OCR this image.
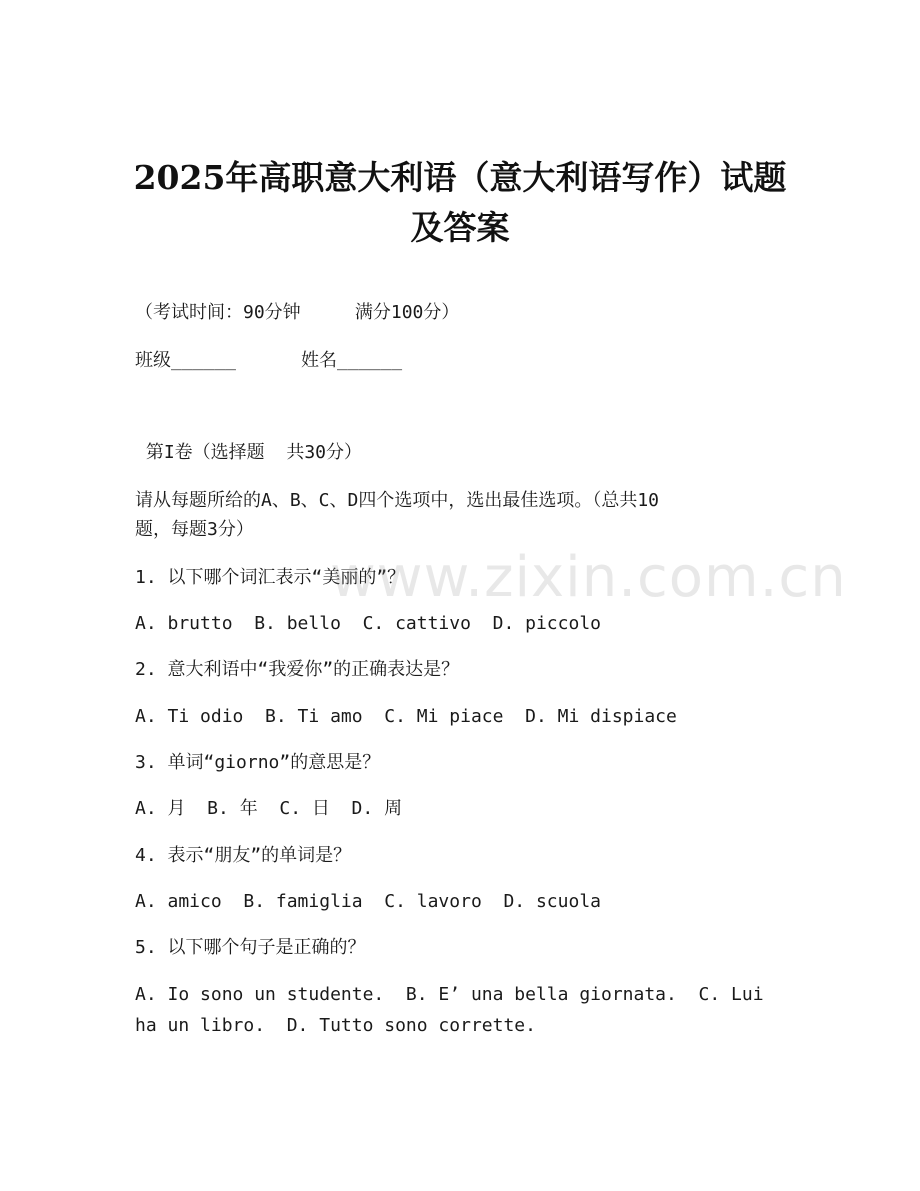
2025年高职意大利语（意大利语写作）试题
及答案
（考试时间：90分钟     满分100分）
班级______      姓名______
第I卷（选择题  共30分）
请从每题所给的A、B、C、D四个选项中，选出最佳选项。（总共10
题，每题3分）
1. 以下哪个词汇表示“美丽的”？
A. brutto  B. bello  C. cattivo  D. piccolo
2. 意大利语中“我爱你”的正确表达是？
A. Ti odio  B. Ti amo  C. Mi piace  D. Mi dispiace
3. 单词“giorno”的意思是？
A. 月  B. 年  C. 日  D. 周
4. 表示“朋友”的单词是？
A. amico  B. famiglia  C. lavoro  D. scuola
5. 以下哪个句子是正确的？
A. Io sono un studente.  B. E’ una bella giornata.  C. Lui
ha un libro.  D. Tutto sono corrette.
www.zixin.com.cn
